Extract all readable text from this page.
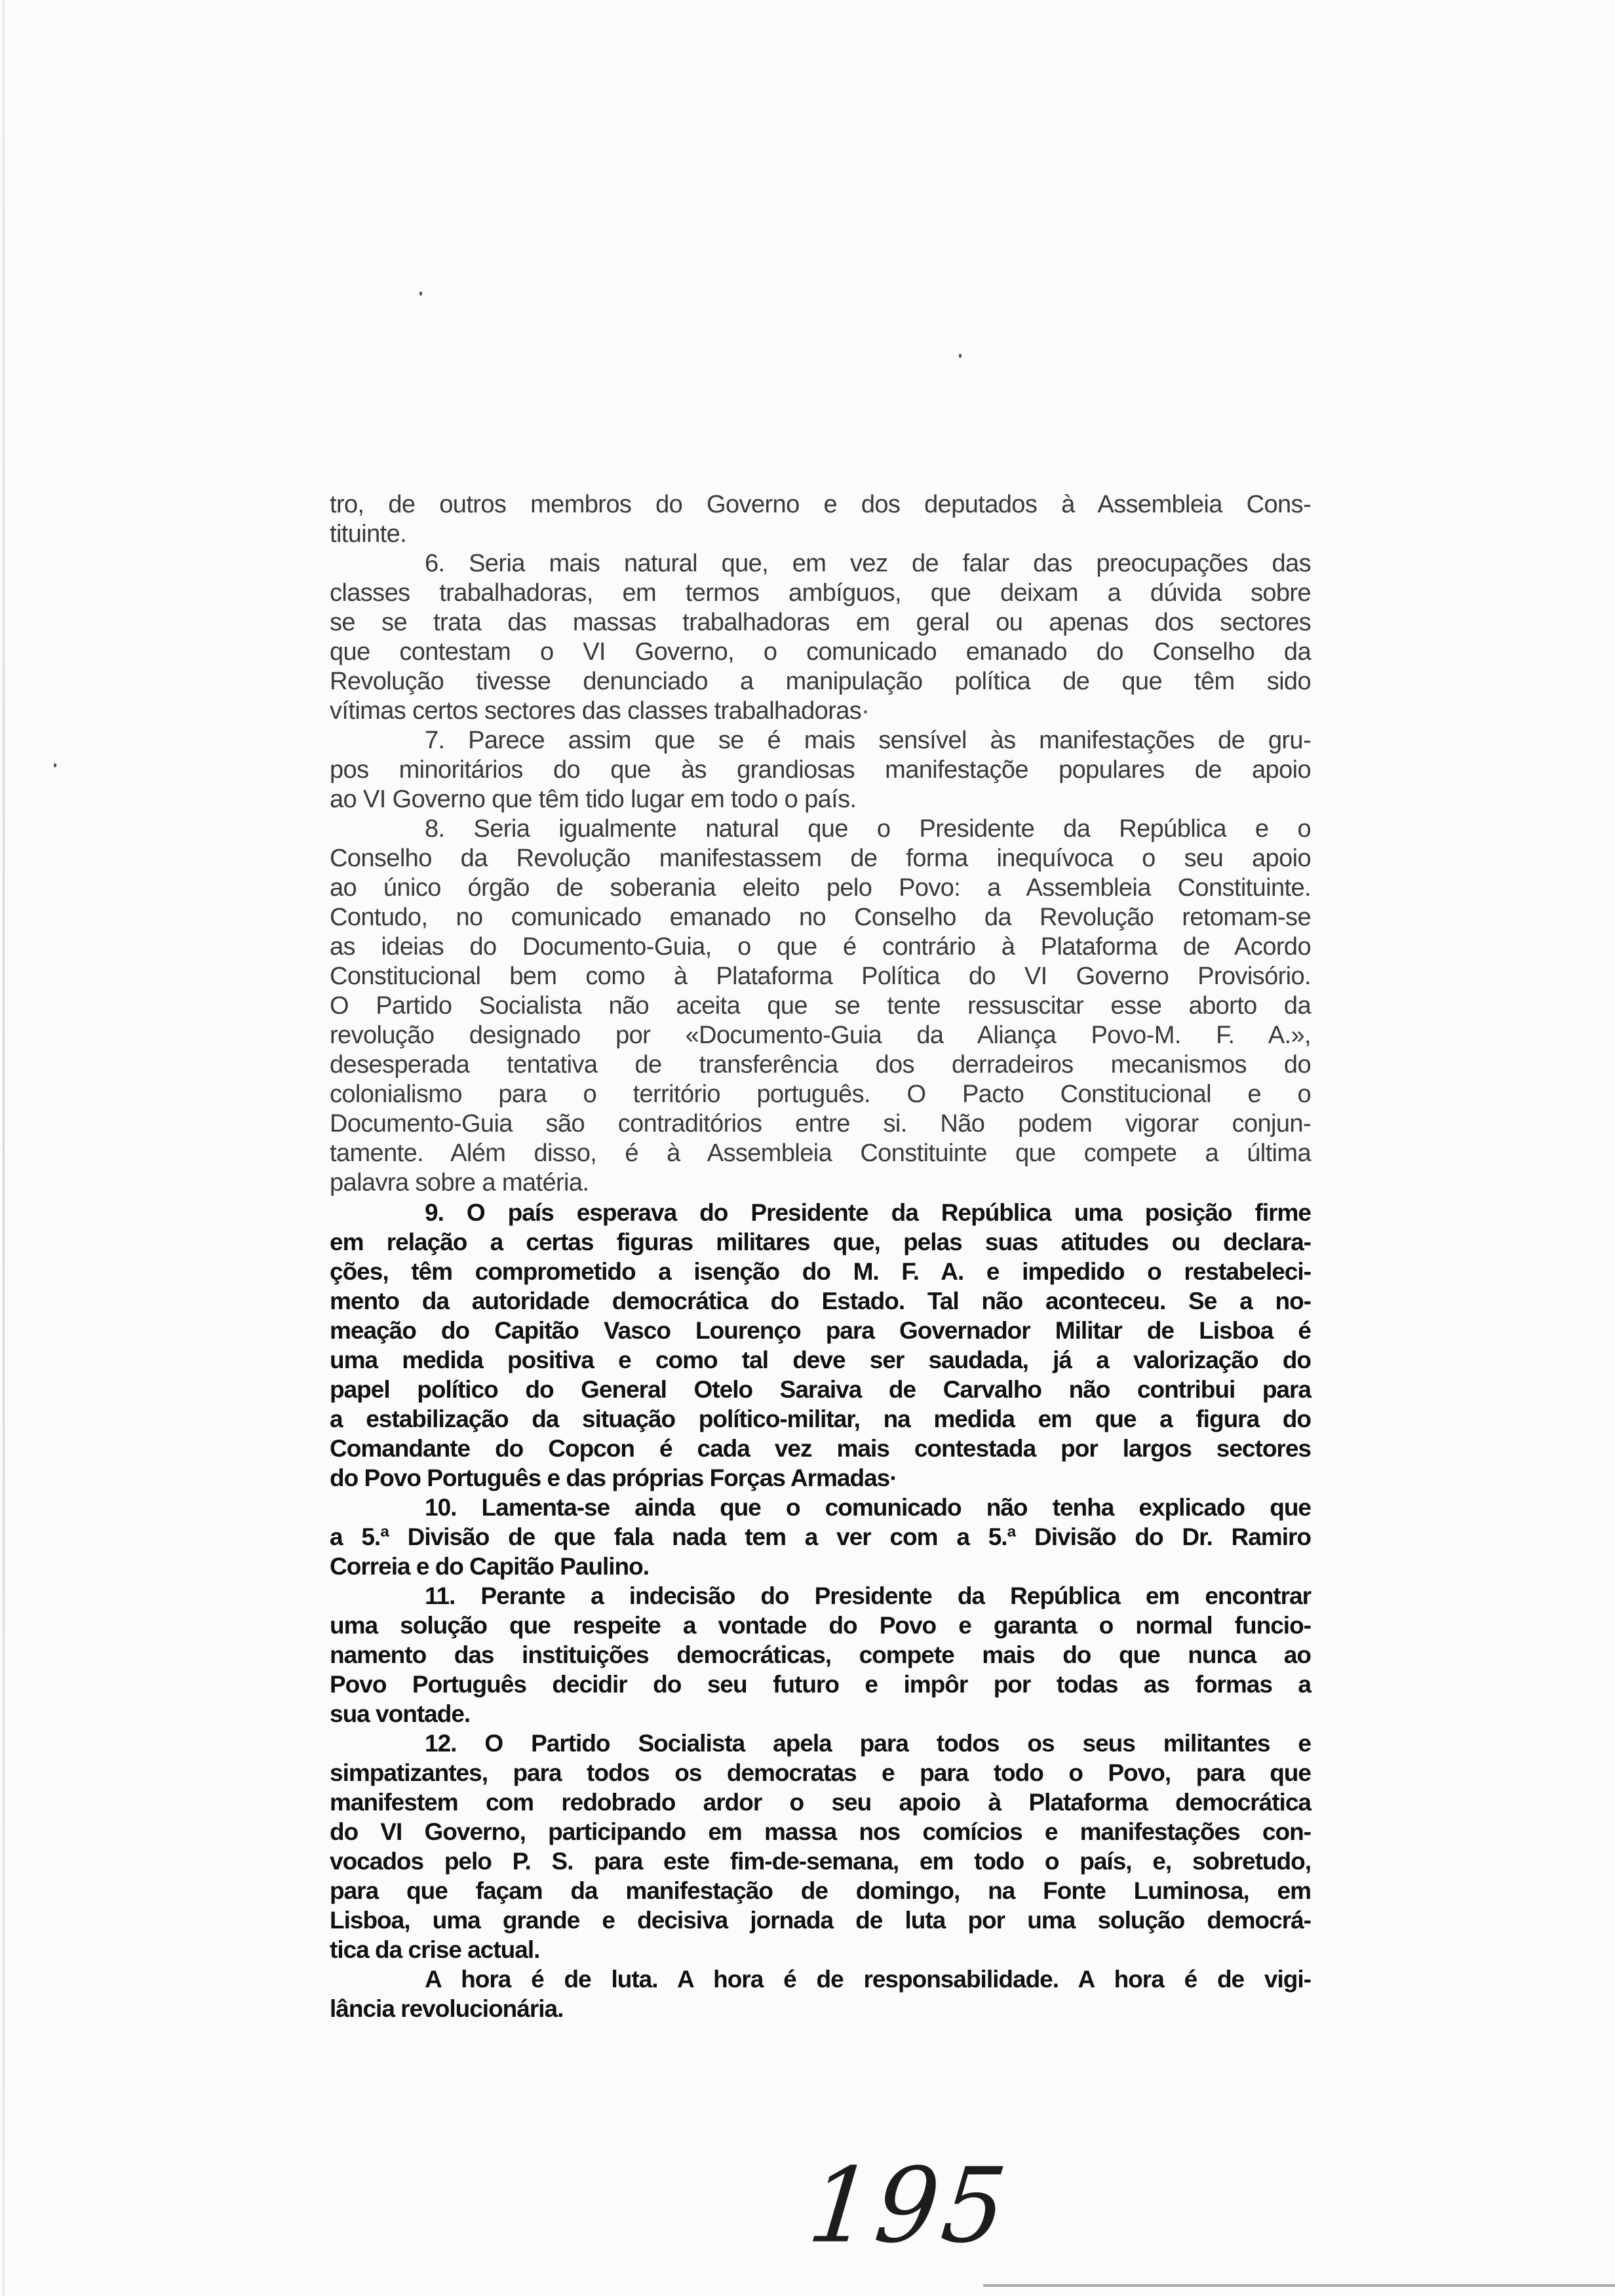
tro, de outros membros do Governo e dos deputados à Assembleia Cons-
tituinte.
6. Seria mais natural que, em vez de falar das preocupações das
classes trabalhadoras, em termos ambíguos, que deixam a dúvida sobre
se se trata das massas trabalhadoras em geral ou apenas dos sectores
que contestam o VI Governo, o comunicado emanado do Conselho da
Revolução tivesse denunciado a manipulação política de que têm sido
vítimas certos sectores das classes trabalhadoras·
7. Parece assim que se é mais sensível às manifestações de gru-
pos minoritários do que às grandiosas manifestaçõe populares de apoio
ao VI Governo que têm tido lugar em todo o país.
8. Seria igualmente natural que o Presidente da República e o
Conselho da Revolução manifestassem de forma inequívoca o seu apoio
ao único órgão de soberania eleito pelo Povo: a Assembleia Constituinte.
Contudo, no comunicado emanado no Conselho da Revolução retomam-se
as ideias do Documento-Guia, o que é contrário à Plataforma de Acordo
Constitucional bem como à Plataforma Política do VI Governo Provisório.
O Partido Socialista não aceita que se tente ressuscitar esse aborto da
revolução designado por «Documento-Guia da Aliança Povo-M. F. A.»,
desesperada tentativa de transferência dos derradeiros mecanismos do
colonialismo para o território português. O Pacto Constitucional e o
Documento-Guia são contraditórios entre si. Não podem vigorar conjun-
tamente. Além disso, é à Assembleia Constituinte que compete a última
palavra sobre a matéria.
9. O país esperava do Presidente da República uma posição firme
em relação a certas figuras militares que, pelas suas atitudes ou declara-
ções, têm comprometido a isenção do M. F. A. e impedido o restabeleci-
mento da autoridade democrática do Estado. Tal não aconteceu. Se a no-
meação do Capitão Vasco Lourenço para Governador Militar de Lisboa é
uma medida positiva e como tal deve ser saudada, já a valorização do
papel político do General Otelo Saraiva de Carvalho não contribui para
a estabilização da situação político-militar, na medida em que a figura do
Comandante do Copcon é cada vez mais contestada por largos sectores
do Povo Português e das próprias Forças Armadas·
10. Lamenta-se ainda que o comunicado não tenha explicado que
a 5.ª Divisão de que fala nada tem a ver com a 5.ª Divisão do Dr. Ramiro
Correia e do Capitão Paulino.
11. Perante a indecisão do Presidente da República em encontrar
uma solução que respeite a vontade do Povo e garanta o normal funcio-
namento das instituições democráticas, compete mais do que nunca ao
Povo Português decidir do seu futuro e impôr por todas as formas a
sua vontade.
12. O Partido Socialista apela para todos os seus militantes e
simpatizantes, para todos os democratas e para todo o Povo, para que
manifestem com redobrado ardor o seu apoio à Plataforma democrática
do VI Governo, participando em massa nos comícios e manifestações con-
vocados pelo P. S. para este fim-de-semana, em todo o país, e, sobretudo,
para que façam da manifestação de domingo, na Fonte Luminosa, em
Lisboa, uma grande e decisiva jornada de luta por uma solução democrá-
tica da crise actual.
A hora é de luta. A hora é de responsabilidade. A hora é de vigi-
lância revolucionária.
195
